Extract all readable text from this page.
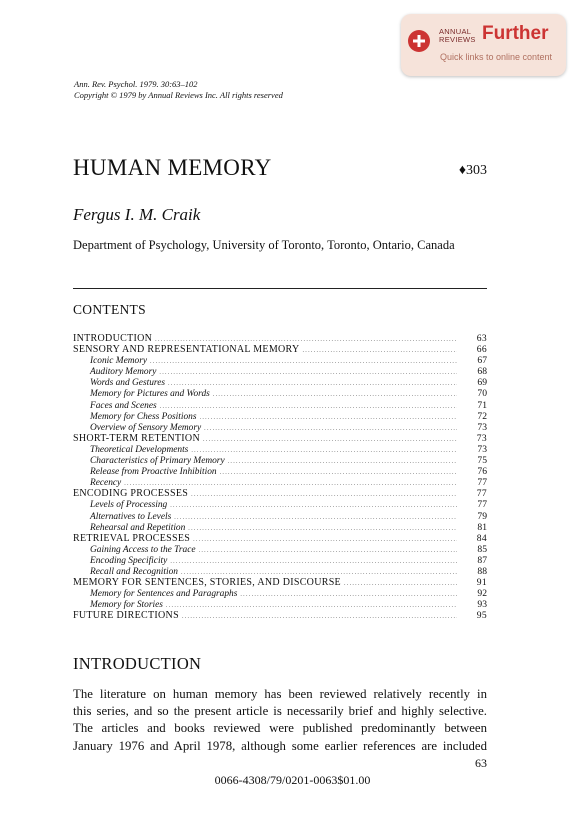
ANNUAL
REVIEWS Further
Quick links to online content
Ann. Rev. Psychol. 1979. 30:63–102
Copyright © 1979 by Annual Reviews Inc. All rights reserved
HUMAN MEMORY	♦303
Fergus I. M. Craik
Department of Psychology, University of Toronto, Toronto, Ontario, Canada
CONTENTS
INTRODUCTION .....	63
SENSORY AND REPRESENTATIONAL MEMORY .....	66
Iconic Memory .....	67
Auditory Memory .....	68
Words and Gestures .....	69
Memory for Pictures and Words .....	70
Faces and Scenes .....	71
Memory for Chess Positions .....	72
Overview of Sensory Memory .....	73
SHORT-TERM RETENTION .....	73
Theoretical Developments .....	73
Characteristics of Primary Memory .....	75
Release from Proactive Inhibition .....	76
Recency .....	77
ENCODING PROCESSES .....	77
Levels of Processing .....	77
Alternatives to Levels .....	79
Rehearsal and Repetition .....	81
RETRIEVAL PROCESSES .....	84
Gaining Access to the Trace .....	85
Encoding Specificity .....	87
Recall and Recognition .....	88
MEMORY FOR SENTENCES, STORIES, AND DISCOURSE .....	91
Memory for Sentences and Paragraphs .....	92
Memory for Stories .....	93
FUTURE DIRECTIONS .....	95
INTRODUCTION
The literature on human memory has been reviewed relatively recently in
this series, and so the present article is necessarily brief and highly selective.
The articles and books reviewed were published predominantly between
January 1976 and April 1978, although some earlier references are included
63
0066-4308/79/0201-0063$01.00
